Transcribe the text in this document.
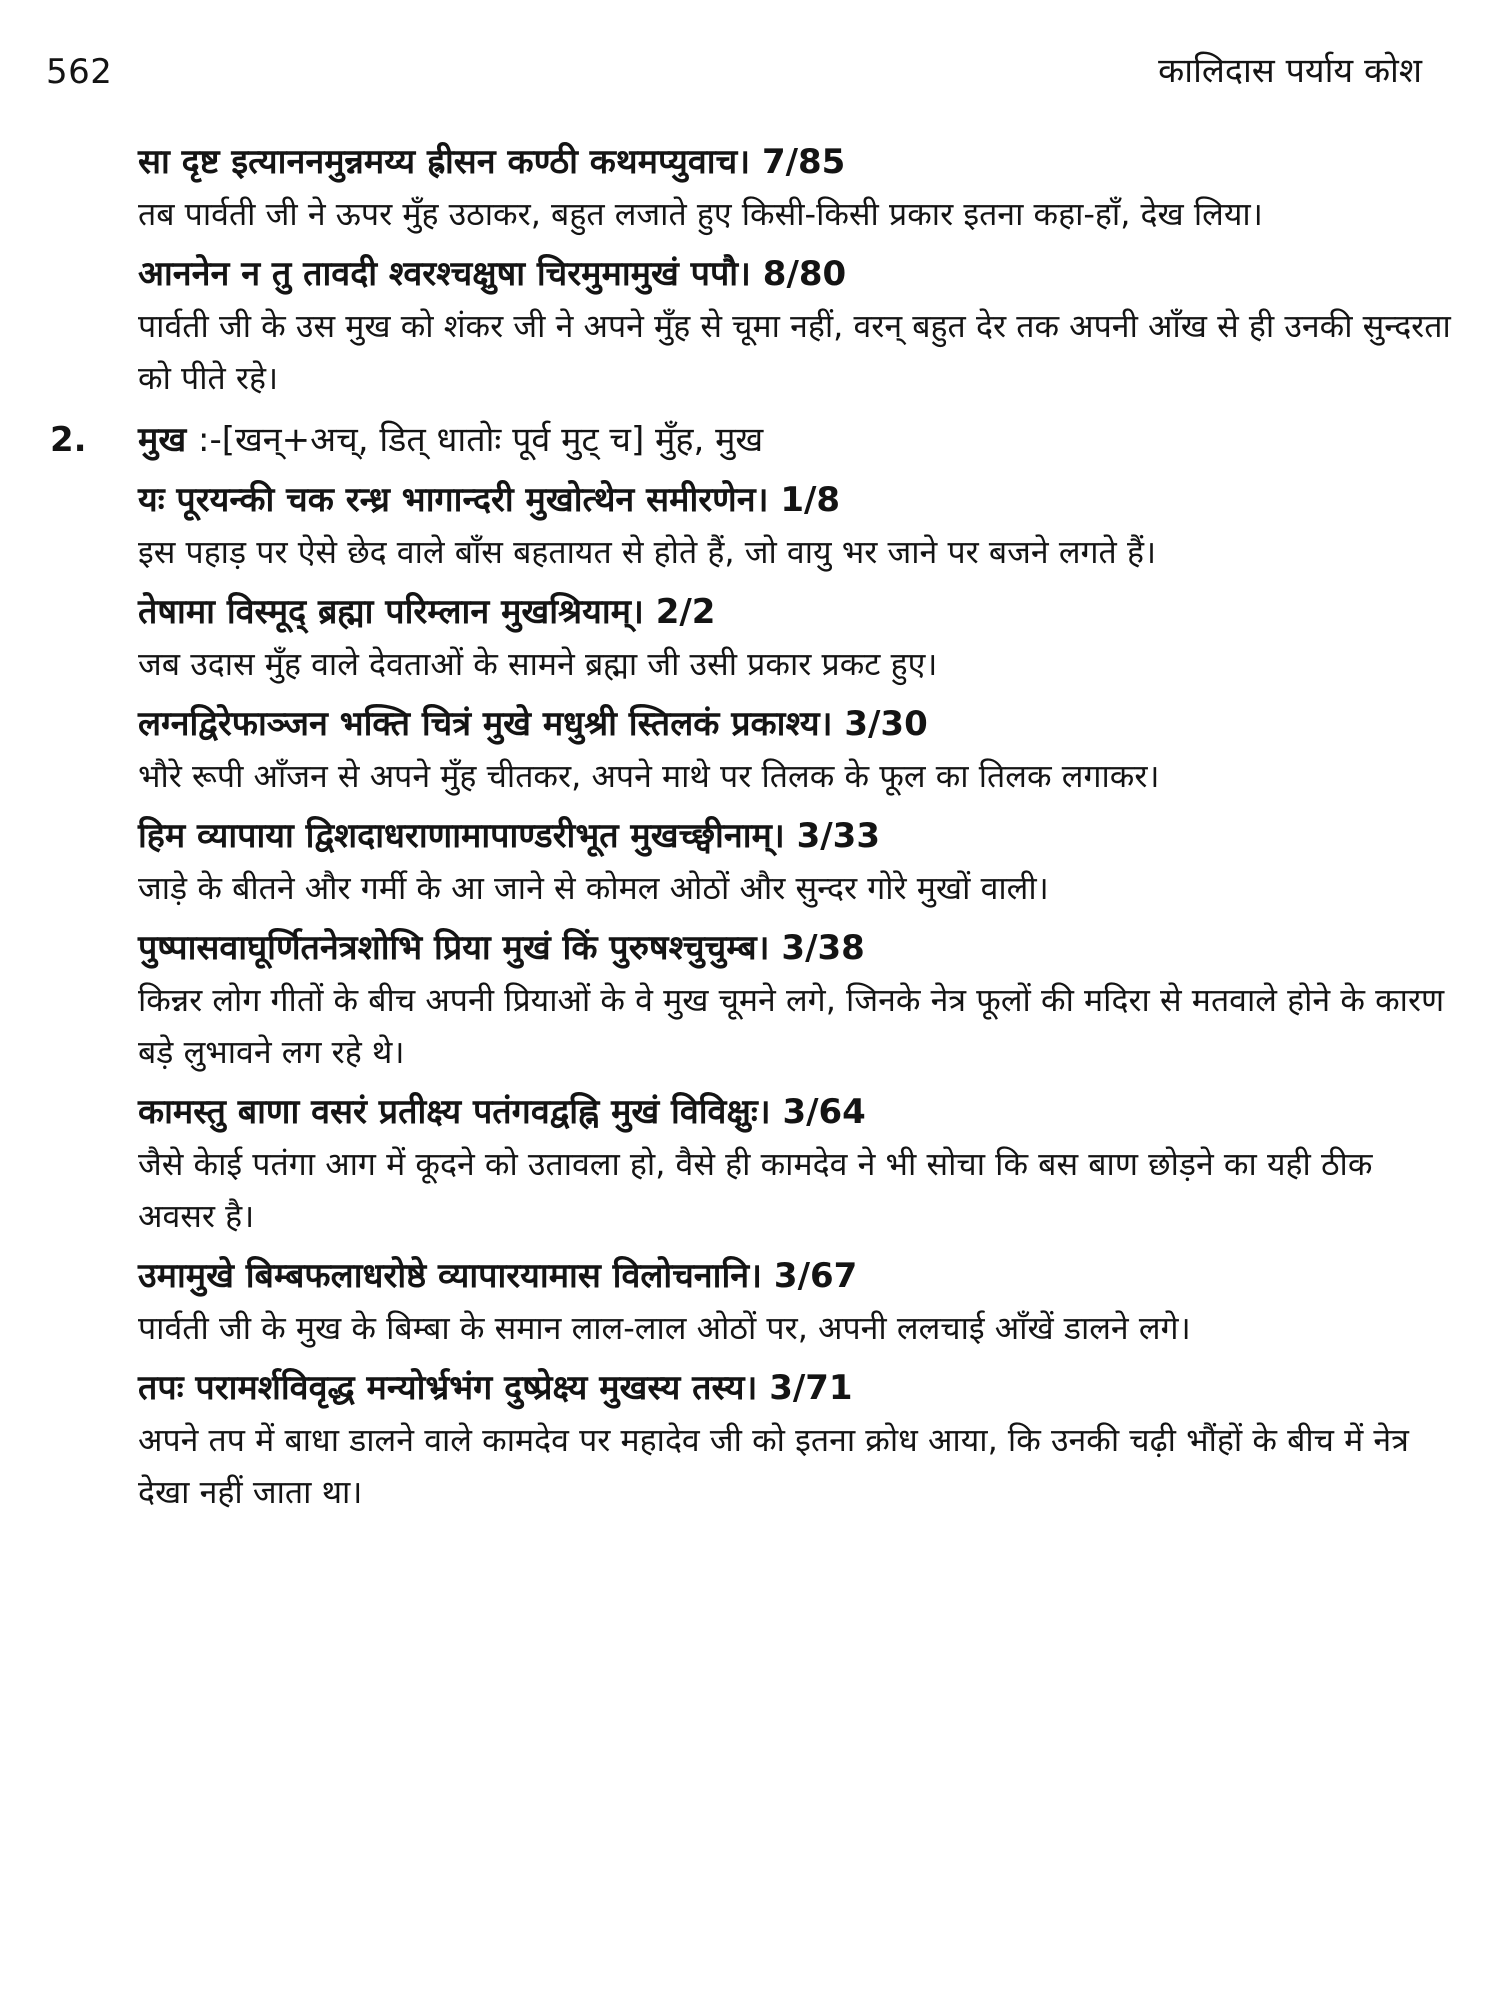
562	कालिदास पर्याय कोश
सा दृष्ट इत्याननमुन्नमय्य ह्रीसन कण्ठी कथमप्युवाच। 7/85
तब पार्वती जी ने ऊपर मुँह उठाकर, बहुत लजाते हुए किसी-किसी प्रकार इतना कहा-हाँ, देख लिया।
आननेन न तु तावदी श्वरश्चक्षुषा चिरमुमामुखं पपौ। 8/80
पार्वती जी के उस मुख को शंकर जी ने अपने मुँह से चूमा नहीं, वरन् बहुत देर तक अपनी आँख से ही उनकी सुन्दरता को पीते रहे।
2. मुख :-[खन्+अच्, डित् धातोः पूर्व मुट् च] मुँह, मुख
यः पूरयन्की चक रन्ध्र भागान्दरी मुखोत्थेन समीरणेन। 1/8
इस पहाड़ पर ऐसे छेद वाले बाँस बहतायत से होते हैं, जो वायु भर जाने पर बजने लगते हैं।
तेषामा विस्मूद् ब्रह्मा परिम्लान मुखश्रियाम्। 2/2
जब उदास मुँह वाले देवताओं के सामने ब्रह्मा जी उसी प्रकार प्रकट हुए।
लग्नद्विरेफाञ्जन भक्ति चित्रं मुखे मधुश्री स्तिलकं प्रकाश्य। 3/30
भौरे रूपी आँजन से अपने मुँह चीतकर, अपने माथे पर तिलक के फूल का तिलक लगाकर।
हिम व्यापाया द्विशदाधराणामापाण्डरीभूत मुखच्छ्वीनाम्। 3/33
जाड़े के बीतने और गर्मी के आ जाने से कोमल ओठों और सुन्दर गोरे मुखों वाली।
पुष्पासवाघूर्णितनेत्रशोभि प्रिया मुखं किं पुरुषश्चुचुम्ब। 3/38
किन्नर लोग गीतों के बीच अपनी प्रियाओं के वे मुख चूमने लगे, जिनके नेत्र फूलों की मदिरा से मतवाले होने के कारण बड़े लुभावने लग रहे थे।
कामस्तु बाणा वसरं प्रतीक्ष्य पतंगवद्वह्नि मुखं विविक्षुः। 3/64
जैसे केाई पतंगा आग में कूदने को उतावला हो, वैसे ही कामदेव ने भी सोचा कि बस बाण छोड़ने का यही ठीक अवसर है।
उमामुखे बिम्बफलाधरोष्ठे व्यापारयामास विलोचनानि। 3/67
पार्वती जी के मुख के बिम्बा के समान लाल-लाल ओठों पर, अपनी ललचाई आँखें डालने लगे।
तपः परामर्शविवृद्ध मन्योर्भ्रभंग दुष्प्रेक्ष्य मुखस्य तस्य। 3/71
अपने तप में बाधा डालने वाले कामदेव पर महादेव जी को इतना क्रोध आया, कि उनकी चढ़ी भौंहों के बीच में नेत्र देखा नहीं जाता था।
